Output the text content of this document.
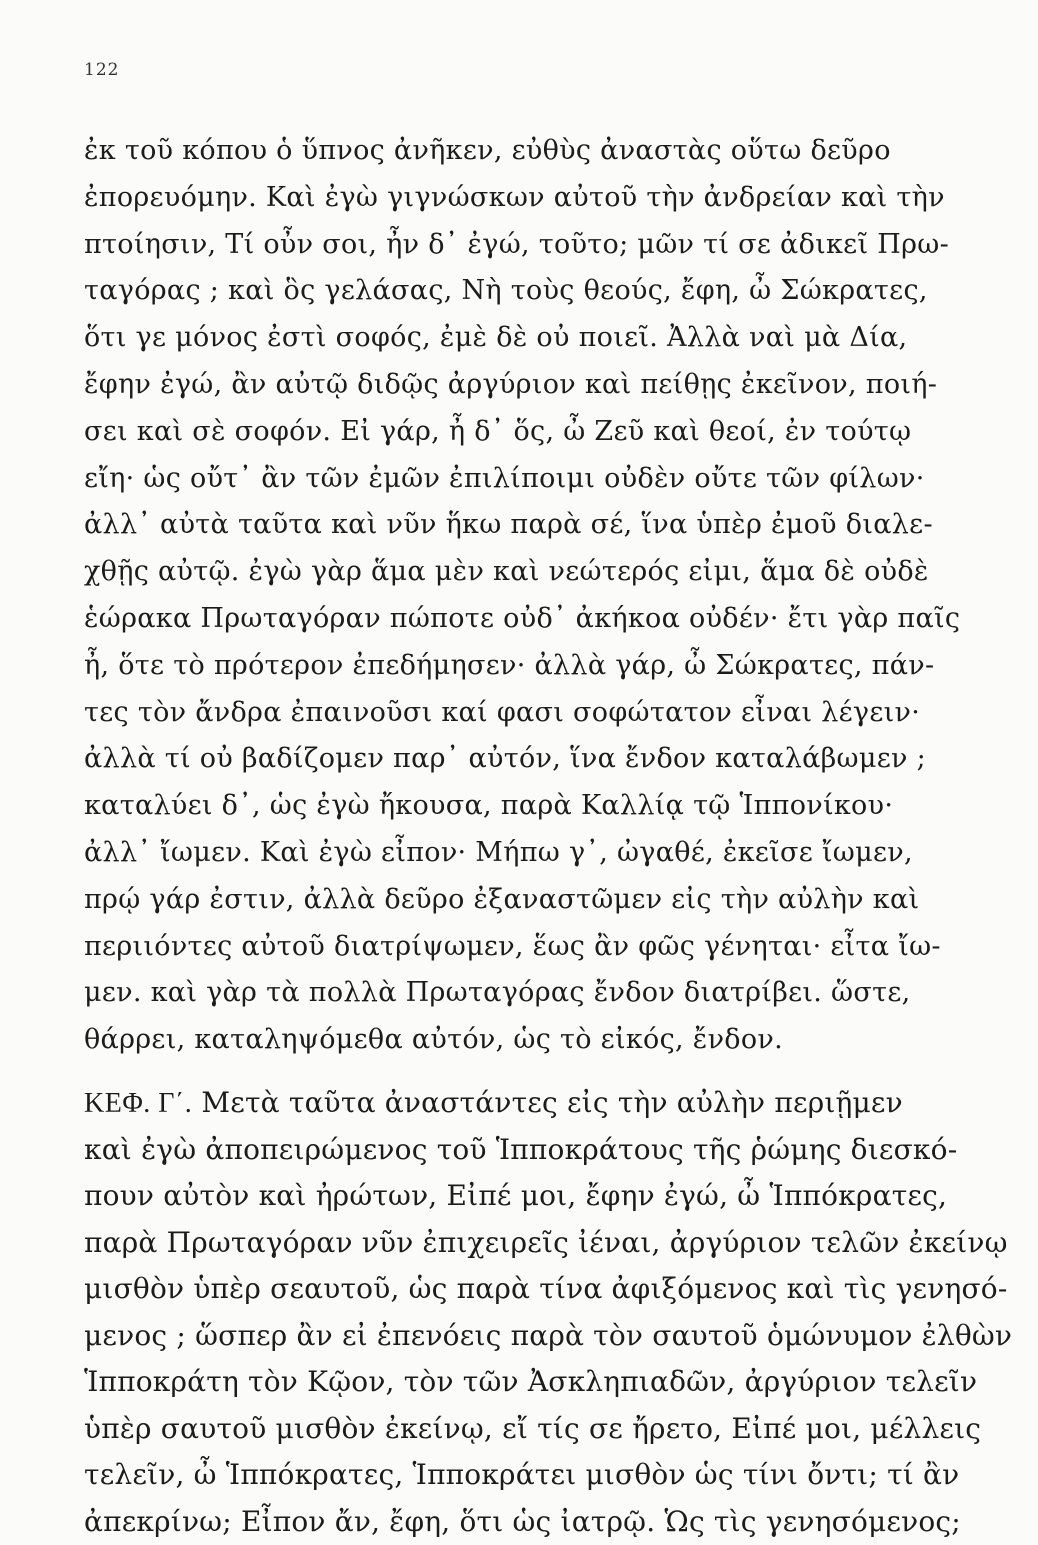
122
ἐκ τοῦ κόπου ὁ ὕπνος ἀνῆκεν, εὐθὺς ἀναστὰς οὕτω δεῦρο
ἐπορευόμην. Καὶ ἐγὼ γιγνώσκων αὐτοῦ τὴν ἀνδρείαν καὶ τὴν
πτοίησιν, Τί οὖν σοι, ἦν δ᾽ ἐγώ, τοῦτο; μῶν τί σε ἀδικεῖ Πρω-
ταγόρας ; καὶ ὃς γελάσας, Νὴ τοὺς θεούς, ἔφη, ὦ Σώκρατες,
ὅτι γε μόνος ἐστὶ σοφός, ἐμὲ δὲ οὐ ποιεῖ. Ἀλλὰ ναὶ μὰ Δία,
ἔφην ἐγώ, ἂν αὐτῷ διδῷς ἀργύριον καὶ πείθῃς ἐκεῖνον, ποιή-
σει καὶ σὲ σοφόν. Εἰ γάρ, ἦ δ᾽ ὅς, ὦ Ζεῦ καὶ θεοί, ἐν τούτῳ
εἴη· ὡς οὔτ᾽ ἂν τῶν ἐμῶν ἐπιλίποιμι οὐδὲν οὔτε τῶν φίλων·
ἀλλ᾽ αὐτὰ ταῦτα καὶ νῦν ἥκω παρὰ σέ, ἵνα ὑπὲρ ἐμοῦ διαλε-
χθῇς αὐτῷ. ἐγὼ γὰρ ἅμα μὲν καὶ νεώτερός εἰμι, ἅμα δὲ οὐδὲ
ἑώρακα Πρωταγόραν πώποτε οὐδ᾽ ἀκήκοα οὐδέν· ἔτι γὰρ παῖς
ἦ, ὅτε τὸ πρότερον ἐπεδήμησεν· ἀλλὰ γάρ, ὦ Σώκρατες, πάν-
τες τὸν ἄνδρα ἐπαινοῦσι καί φασι σοφώτατον εἶναι λέγειν·
ἀλλὰ τί οὐ βαδίζομεν παρ᾽ αὐτόν, ἵνα ἔνδον καταλάβωμεν ;
καταλύει δ᾽, ὡς ἐγὼ ἤκουσα, παρὰ Καλλίᾳ τῷ Ἱππονίκου·
ἀλλ᾽ ἴωμεν. Καὶ ἐγὼ εἶπον· Μήπω γ᾽, ὠγαθέ, ἐκεῖσε ἴωμεν,
πρῴ γάρ ἐστιν, ἀλλὰ δεῦρο ἐξαναστῶμεν εἰς τὴν αὐλὴν καὶ
περιιόντες αὐτοῦ διατρίψωμεν, ἕως ἂν φῶς γένηται· εἶτα ἴω-
μεν. καὶ γὰρ τὰ πολλὰ Πρωταγόρας ἔνδον διατρίβει. ὥστε,
θάρρει, καταληψόμεθα αὐτόν, ὡς τὸ εἰκός, ἔνδον.
ΚΕΦ. Γ΄. Μετὰ ταῦτα ἀναστάντες εἰς τὴν αὐλὴν περιῇμεν
καὶ ἐγὼ ἀποπειρώμενος τοῦ Ἱπποκράτους τῆς ῥώμης διεσκό-
πουν αὐτὸν καὶ ἠρώτων, Εἰπέ μοι, ἔφην ἐγώ, ὦ Ἱππόκρατες,
παρὰ Πρωταγόραν νῦν ἐπιχειρεῖς ἰέναι, ἀργύριον τελῶν ἐκείνῳ
μισθὸν ὑπὲρ σεαυτοῦ, ὡς παρὰ τίνα ἀφιξόμενος καὶ τὶς γενησό-
μενος ; ὥσπερ ἂν εἰ ἐπενόεις παρὰ τὸν σαυτοῦ ὁμώνυμον ἐλθὼν
Ἱπποκράτη τὸν Κῷον, τὸν τῶν Ἀσκληπιαδῶν, ἀργύριον τελεῖν
ὑπὲρ σαυτοῦ μισθὸν ἐκείνῳ, εἴ τίς σε ἤρετο, Εἰπέ μοι, μέλλεις
τελεῖν, ὦ Ἱππόκρατες, Ἱπποκράτει μισθὸν ὡς τίνι ὄντι; τί ἂν
ἀπεκρίνω; Εἶπον ἄν, ἔφη, ὅτι ὡς ἰατρῷ. Ὡς τὶς γενησόμενος;
